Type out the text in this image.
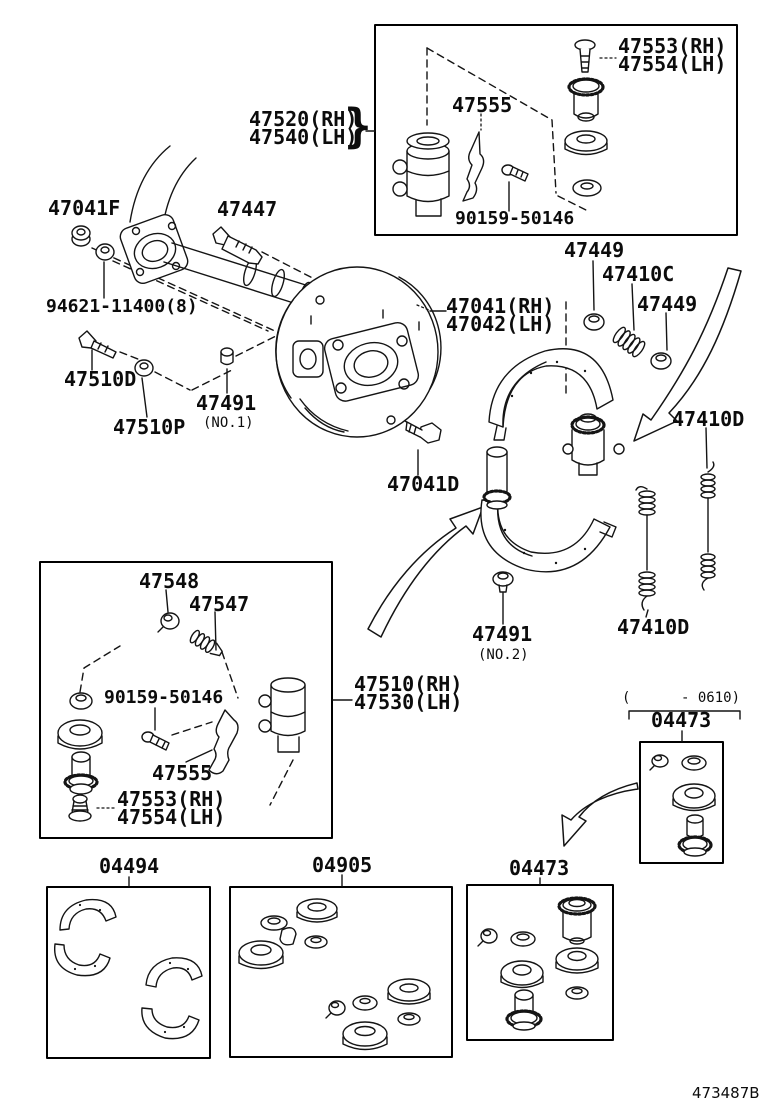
47553(RH)
47554(LH)
47555
90159-50146
47520(RH)
47540(LH)
}
47041F	47447
94621-11400(8)
47510D
47510P
47491
(NO.1)
47041(RH)
47042(LH)
47449
47410C
47449
47410D
47041D
47491
(NO.2)
47410D
47548
47547
90159-50146
47555
47553(RH)
47554(LH)
47510(RH)
47530(LH)	(      - 0610)
04473
04494	04905	04473
473487B
